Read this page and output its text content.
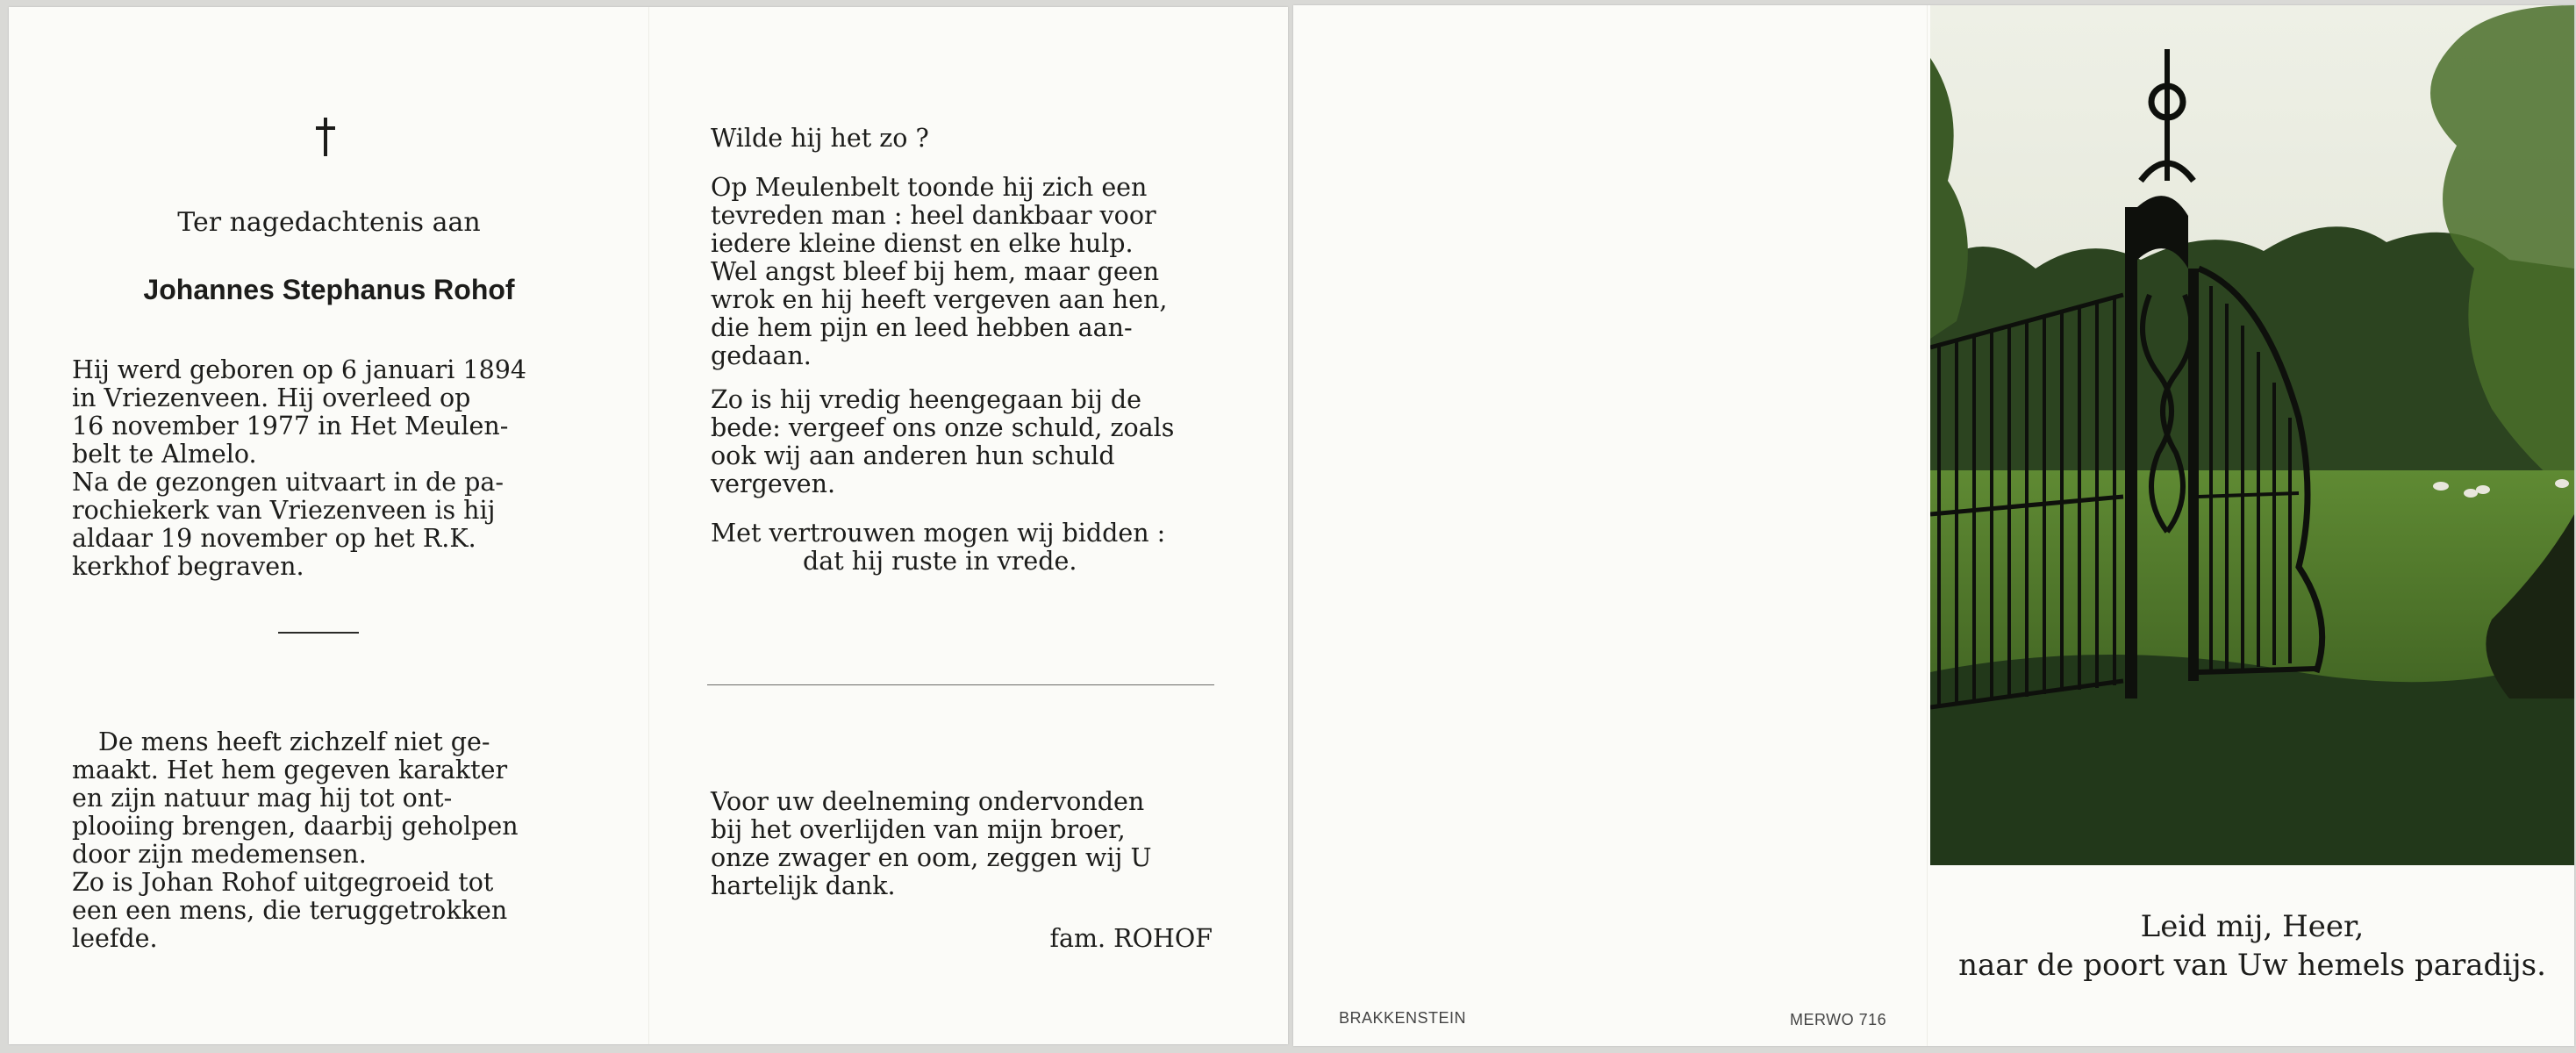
Ter nagedachtenis aan
Johannes Stephanus Rohof
Hij werd geboren op 6 januari 1894
in Vriezenveen. Hij overleed op
16 november 1977 in Het Meulen-
belt te Almelo.
Na de gezongen uitvaart in de pa-
rochiekerk van Vriezenveen is hij
aldaar 19 november op het R.K.
kerkhof begraven.
De mens heeft zichzelf niet ge-
maakt. Het hem gegeven karakter
en zijn natuur mag hij tot ont-
plooiing brengen, daarbij geholpen
door zijn medemensen.
Zo is Johan Rohof uitgegroeid tot
een een mens, die teruggetrokken
leefde.
Wilde hij het zo ?
Op Meulenbelt toonde hij zich een
tevreden man : heel dankbaar voor
iedere kleine dienst en elke hulp.
Wel angst bleef bij hem, maar geen
wrok en hij heeft vergeven aan hen,
die hem pijn en leed hebben aan-
gedaan.
Zo is hij vredig heengegaan bij de
bede: vergeef ons onze schuld, zoals
ook wij aan anderen hun schuld
vergeven.
Met vertrouwen mogen wij bidden :
dat hij ruste in vrede.
Voor uw deelneming ondervonden
bij het overlijden van mijn broer,
onze zwager en oom, zeggen wij U
hartelijk dank.
fam. ROHOF
BRAKKENSTEIN	MERWO 716
Leid mij, Heer,
naar de poort van Uw hemels paradijs.
